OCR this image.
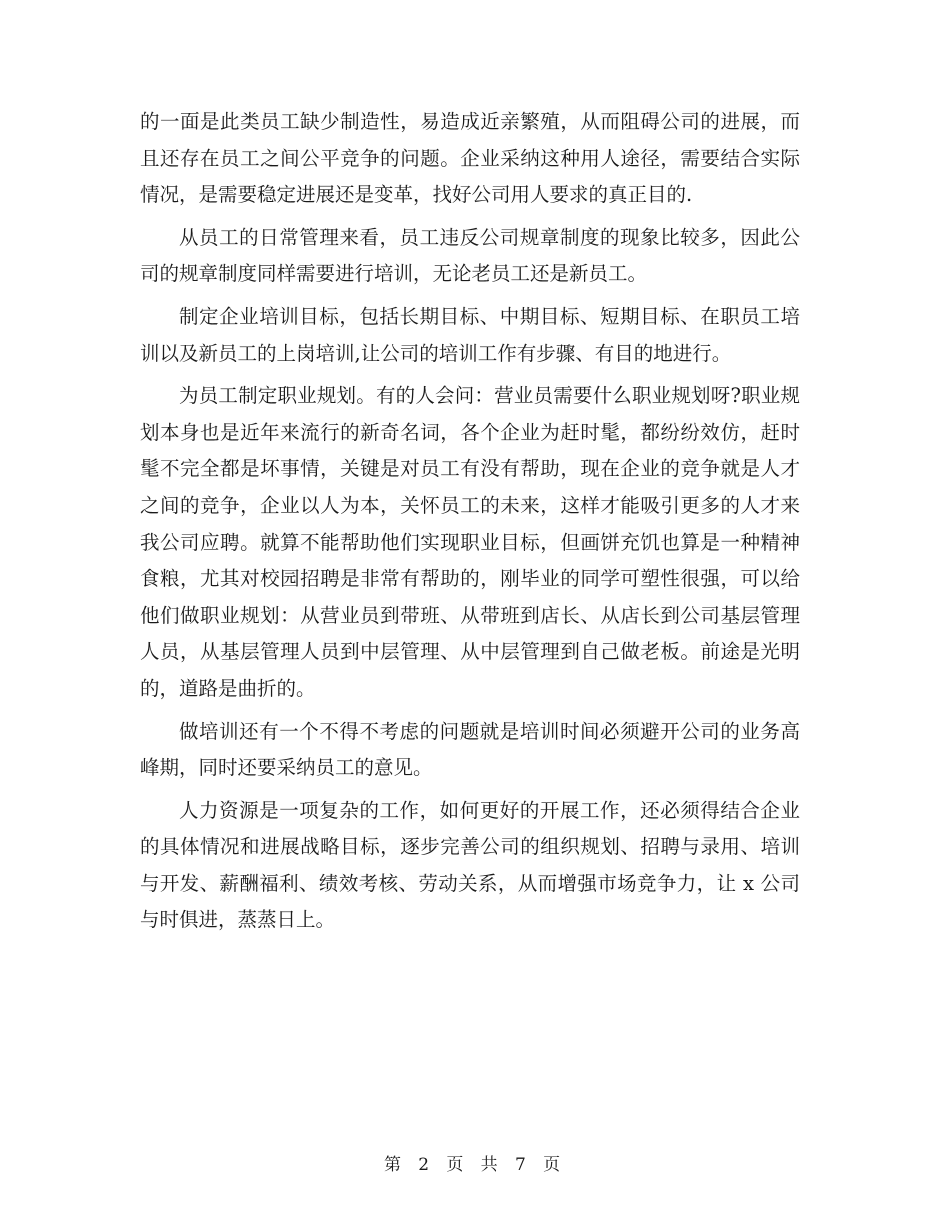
的一面是此类员工缺少制造性，易造成近亲繁殖，从而阻碍公司的进展，而且还存在员工之间公平竞争的问题。企业采纳这种用人途径，需要结合实际情况，是需要稳定进展还是变革，找好公司用人要求的真正目的.

从员工的日常管理来看，员工违反公司规章制度的现象比较多，因此公司的规章制度同样需要进行培训，无论老员工还是新员工。

制定企业培训目标，包括长期目标、中期目标、短期目标、在职员工培训以及新员工的上岗培训,让公司的培训工作有步骤、有目的地进行。

为员工制定职业规划。有的人会问：营业员需要什么职业规划呀?职业规划本身也是近年来流行的新奇名词，各个企业为赶时髦，都纷纷效仿，赶时髦不完全都是坏事情，关键是对员工有没有帮助，现在企业的竞争就是人才之间的竞争，企业以人为本，关怀员工的未来，这样才能吸引更多的人才来我公司应聘。就算不能帮助他们实现职业目标，但画饼充饥也算是一种精神食粮，尤其对校园招聘是非常有帮助的，刚毕业的同学可塑性很强，可以给他们做职业规划：从营业员到带班、从带班到店长、从店长到公司基层管理人员，从基层管理人员到中层管理、从中层管理到自己做老板。前途是光明的，道路是曲折的。

做培训还有一个不得不考虑的问题就是培训时间必须避开公司的业务高峰期，同时还要采纳员工的意见。

人力资源是一项复杂的工作，如何更好的开展工作，还必须得结合企业的具体情况和进展战略目标，逐步完善公司的组织规划、招聘与录用、培训与开发、薪酬福利、绩效考核、劳动关系，从而增强市场竞争力，让 x 公司与时俱进，蒸蒸日上。

第 2 页 共 7 页
